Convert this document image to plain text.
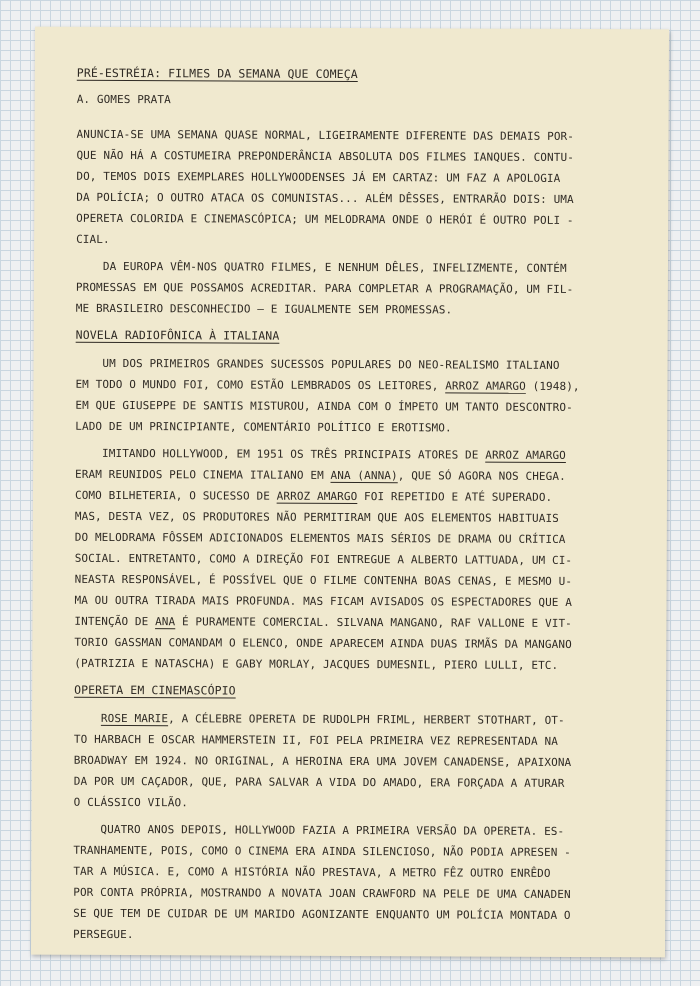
PRÉ-ESTRÉIA: FILMES DA SEMANA QUE COMEÇA
A. GOMES PRATA
ANUNCIA-SE UMA SEMANA QUASE NORMAL, LIGEIRAMENTE DIFERENTE DAS DEMAIS POR-
QUE NÃO HÁ A COSTUMEIRA PREPONDERÂNCIA ABSOLUTA DOS FILMES IANQUES. CONTU-
DO, TEMOS DOIS EXEMPLARES HOLLYWOODENSES JÁ EM CARTAZ: UM FAZ A APOLOGIA
DA POLÍCIA; O OUTRO ATACA OS COMUNISTAS... ALÉM DÊSSES, ENTRARÃO DOIS: UMA
OPERETA COLORIDA E CINEMASCÓPICA; UM MELODRAMA ONDE O HERÓI É OUTRO POLI -
CIAL.
DA EUROPA VÊM-NOS QUATRO FILMES, E NENHUM DÊLES, INFELIZMENTE, CONTÉM
PROMESSAS EM QUE POSSAMOS ACREDITAR. PARA COMPLETAR A PROGRAMAÇÃO, UM FIL-
ME BRASILEIRO DESCONHECIDO — E IGUALMENTE SEM PROMESSAS.
NOVELA RADIOFÔNICA À ITALIANA
UM DOS PRIMEIROS GRANDES SUCESSOS POPULARES DO NEO-REALISMO ITALIANO
EM TODO O MUNDO FOI, COMO ESTÃO LEMBRADOS OS LEITORES, ARROZ AMARGO (1948),
EM QUE GIUSEPPE DE SANTIS MISTUROU, AINDA COM O ÍMPETO UM TANTO DESCONTRO-
LADO DE UM PRINCIPIANTE, COMENTÁRIO POLÍTICO E EROTISMO.
IMITANDO HOLLYWOOD, EM 1951 OS TRÊS PRINCIPAIS ATORES DE ARROZ AMARGO
ERAM REUNIDOS PELO CINEMA ITALIANO EM ANA (ANNA), QUE SÓ AGORA NOS CHEGA.
COMO BILHETERIA, O SUCESSO DE ARROZ AMARGO FOI REPETIDO E ATÉ SUPERADO.
MAS, DESTA VEZ, OS PRODUTORES NÃO PERMITIRAM QUE AOS ELEMENTOS HABITUAIS
DO MELODRAMA FÔSSEM ADICIONADOS ELEMENTOS MAIS SÉRIOS DE DRAMA OU CRÍTICA
SOCIAL. ENTRETANTO, COMO A DIREÇÃO FOI ENTREGUE A ALBERTO LATTUADA, UM CI-
NEASTA RESPONSÁVEL, É POSSÍVEL QUE O FILME CONTENHA BOAS CENAS, E MESMO U-
MA OU OUTRA TIRADA MAIS PROFUNDA. MAS FICAM AVISADOS OS ESPECTADORES QUE A
INTENÇÃO DE ANA É PURAMENTE COMERCIAL. SILVANA MANGANO, RAF VALLONE E VIT-
TORIO GASSMAN COMANDAM O ELENCO, ONDE APARECEM AINDA DUAS IRMÃS DA MANGANO
(PATRIZIA E NATASCHA) E GABY MORLAY, JACQUES DUMESNIL, PIERO LULLI, ETC.
OPERETA EM CINEMASCÓPIO
ROSE MARIE, A CÉLEBRE OPERETA DE RUDOLPH FRIML, HERBERT STOTHART, OT-
TO HARBACH E OSCAR HAMMERSTEIN II, FOI PELA PRIMEIRA VEZ REPRESENTADA NA
BROADWAY EM 1924. NO ORIGINAL, A HEROINA ERA UMA JOVEM CANADENSE, APAIXONA
DA POR UM CAÇADOR, QUE, PARA SALVAR A VIDA DO AMADO, ERA FORÇADA A ATURAR
O CLÁSSICO VILÃO.
QUATRO ANOS DEPOIS, HOLLYWOOD FAZIA A PRIMEIRA VERSÃO DA OPERETA. ES-
TRANHAMENTE, POIS, COMO O CINEMA ERA AINDA SILENCIOSO, NÃO PODIA APRESEN -
TAR A MÚSICA. E, COMO A HISTÓRIA NÃO PRESTAVA, A METRO FÊZ OUTRO ENRÊDO
POR CONTA PRÓPRIA, MOSTRANDO A NOVATA JOAN CRAWFORD NA PELE DE UMA CANADEN
SE QUE TEM DE CUIDAR DE UM MARIDO AGONIZANTE ENQUANTO UM POLÍCIA MONTADA O
PERSEGUE.
